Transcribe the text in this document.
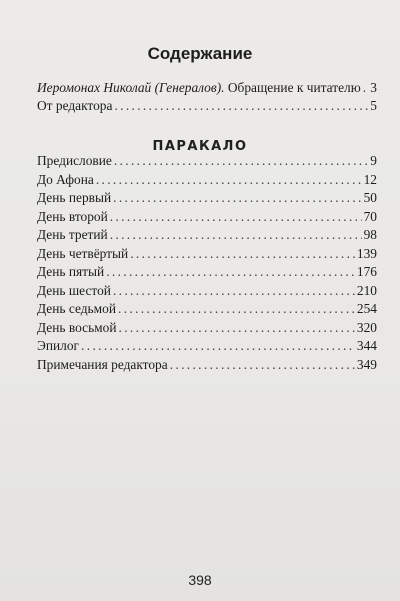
Содержание
Иеромонах Николай (Генералов). Обращение к читателю . . . 3
От редактора . . .	5
ПАРАКАЛО
Предисловие . . .	9
До Афона . . .	12
День первый . . .	50
День второй . . .	70
День третий . . .	98
День четвёртый . . .	139
День пятый . . .	176
День шестой . . .	210
День седьмой . . .	254
День восьмой . . .	320
Эпилог . . .	344
Примечания редактора . . .	349
398
